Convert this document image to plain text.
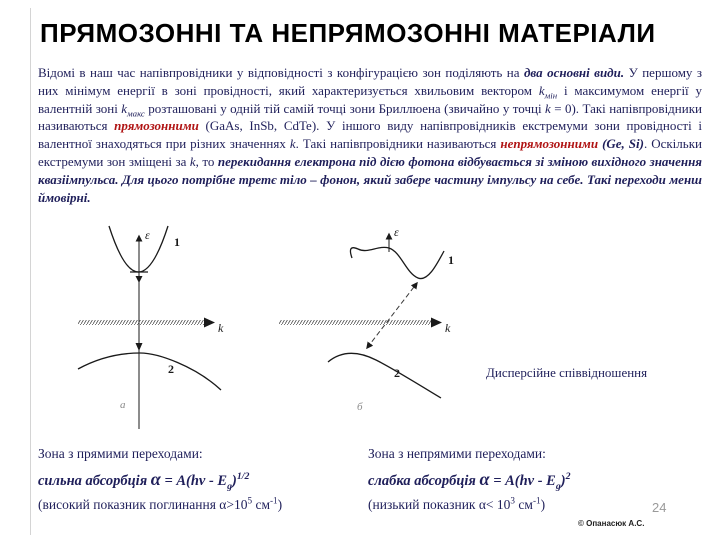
ПРЯМОЗОННІ ТА НЕПРЯМОЗОННІ МАТЕРІАЛИ
Відомі в наш час напівпровідники у відповідності з конфігурацією зон поділяють на два основні види. У першому з них мінімум енергії в зоні провідності, який характеризується хвильовим вектором $k_{мін}$ і максимумом енергії у валентній зоні $k_{макс}$ розташовані у одній тій самій точці зони Бриллюена (звичайно у точці k = 0). Такі напівпровідники називаються прямозонними (GaAs, InSb, CdTe). У іншого виду напівпровідників екстремуми зони провідності і валентної знаходяться при різних значеннях k. Такі напівпровідники називаються непрямозонними (Ge, Si). Оскільки екстремуми зон зміщені за k, то перекидання електрона під дією фотона відбувається зі зміною вихідного значення квазіімпульса. Для цього потрібне третє тіло – фонон, який забере частину імпульсу на себе. Такі переходи менш ймовірні.
ε 1
k
2
а
ε
1
k
2
б
Дисперсійне співвідношення

Зона з прямими переходами:

сильна абсорбція $\alpha = A(h\nu - E_g)^{1/2}$

(високий показник поглинання $\alpha>10^5$ $см^{-1}$)

Зона з непрямими переходами:

слабка абсорбція $\alpha = A(h\nu - E_g)^2$

(низький показник $\alpha< 10^3$ $см^{-1}$)	24
© Опанасюк А.С.
